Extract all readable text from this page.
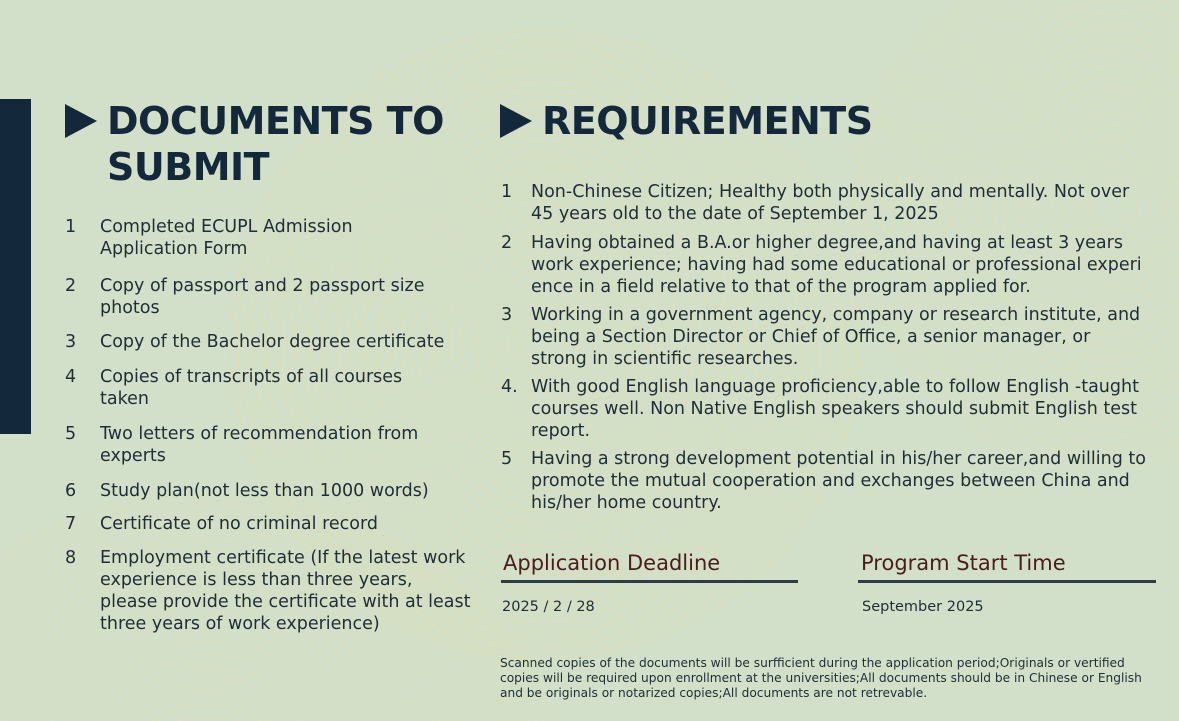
DOCUMENTS TO
SUBMIT
REQUIREMENTS

1 Completed ECUPL Admission Application Form

2 Copy of passport and 2 passport size photos

3 Copy of the Bachelor degree certificate

4 Copies of transcripts of all courses taken

5 Two letters of recommendation from experts

6 Study plan(not less than 1000 words)

7 Certificate of no criminal record

8 Employment certificate (If the latest work experience is less than three years, please provide the certificate with at least three years of work experience)

1 Non-Chinese Citizen; Healthy both physically and mentally. Not over 45 years old to the date of September 1, 2025

2 Having obtained a B.A.or higher degree,and having at least 3 years work experience; having had some educational or professional experi ence in a field relative to that of the program applied for.

3 Working in a government agency, company or research institute, and being a Section Director or Chief of Office, a senior manager, or strong in scientific researches.

4. With good English language proficiency,able to follow English -taught courses well. Non Native English speakers should submit English test report.

5 Having a strong development potential in his/her career,and willing to promote the mutual cooperation and exchanges between China and his/her home country.

Application Deadline
2025 / 2 / 28
Program Start Time
September 2025

Scanned copies of the documents will be surfficient during the application period;Originals or vertified copies will be required upon enrollment at the universities;All documents should be in Chinese or English and be originals or notarized copies;All documents are not retrevable.
